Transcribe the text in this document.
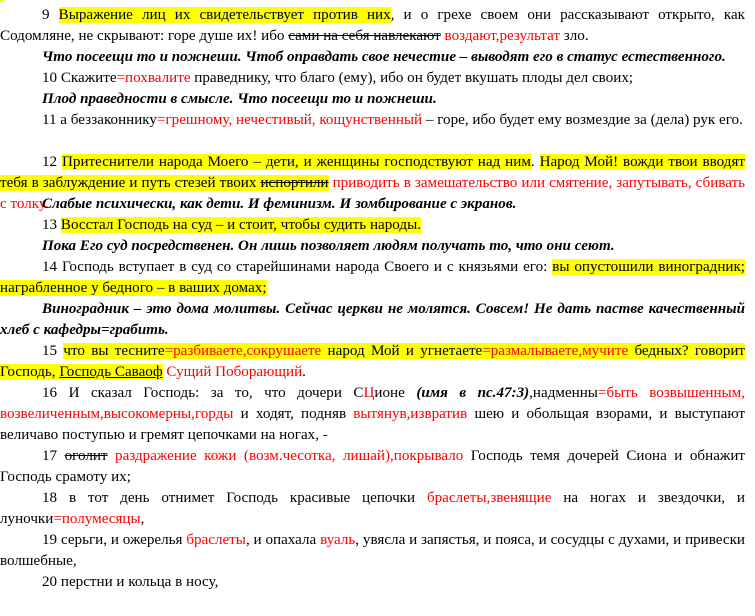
9 Выражение лиц их свидетельствует против них, и о грехе своем они рассказывают открыто, как Содомляне, не скрывают: горе душе их! ибо сами на себя навлекают воздают,результат зло.
Что посеещи то и пожнеши. Чтоб оправдать свое нечестие – выводят его в статус естественного.
10 Скажите=похвалите праведнику, что благо (ему), ибо он будет вкушать плоды дел своих;
Плод праведности в смысле. Что посеещи то и пожнеши.
11 а беззаконнику=грешному, нечестивый, кощунственный – горе, ибо будет ему возмездие за (дела) рук его.
12 Притеснители народа Моего – дети, и женщины господствуют над ним. Народ Мой! вожди твои вводят тебя в заблуждение и путь стезей твоих испортили приводить в замешательство или смятение, запутывать, сбивать с толку.
Слабые психически, как дети. И феминизм. И зомбирование с экранов.
13 Восстал Господь на суд – и стоит, чтобы судить народы.
Пока Его суд посредственен. Он лишь позволяет людям получать то, что они сеют.
14 Господь вступает в суд со старейшинами народа Своего и с князьями его: вы опустошили виноградник; награбленное у бедного – в ваших домах;
Виноградник – это дома молитвы. Сейчас церкви не молятся. Совсем! Не дать пастве качественный хлеб с кафедры=грабить.
15 что вы тесните=разбиваете,сокрушаете народ Мой и угнетаете=размалываете,мучите бедных? говорит Господь, Господь Саваоф Сущий Поборающий.
16 И сказал Господь: за то, что дочери СЦионе (имя в пс.47:3),надменны=быть возвышенным, возвеличенным,высокомерны,горды и ходят, подняв вытянув,извратив шею и обольщая взорами, и выступают величаво поступью и гремят цепочками на ногах, -
17 оголит раздражение кожи (возм.чесотка, лишай),покрывало Господь темя дочерей Сиона и обнажит Господь срамоту их;
18 в тот день отнимет Господь красивые цепочки браслеты,звенящие на ногах и звездочки, и луночки=полумесяцы,
19 серьги, и ожерелья браслеты, и опахала вуаль, увясла и запястья, и пояса, и сосудцы с духами, и привески волшебные,
20 перстни и кольца в носу,
